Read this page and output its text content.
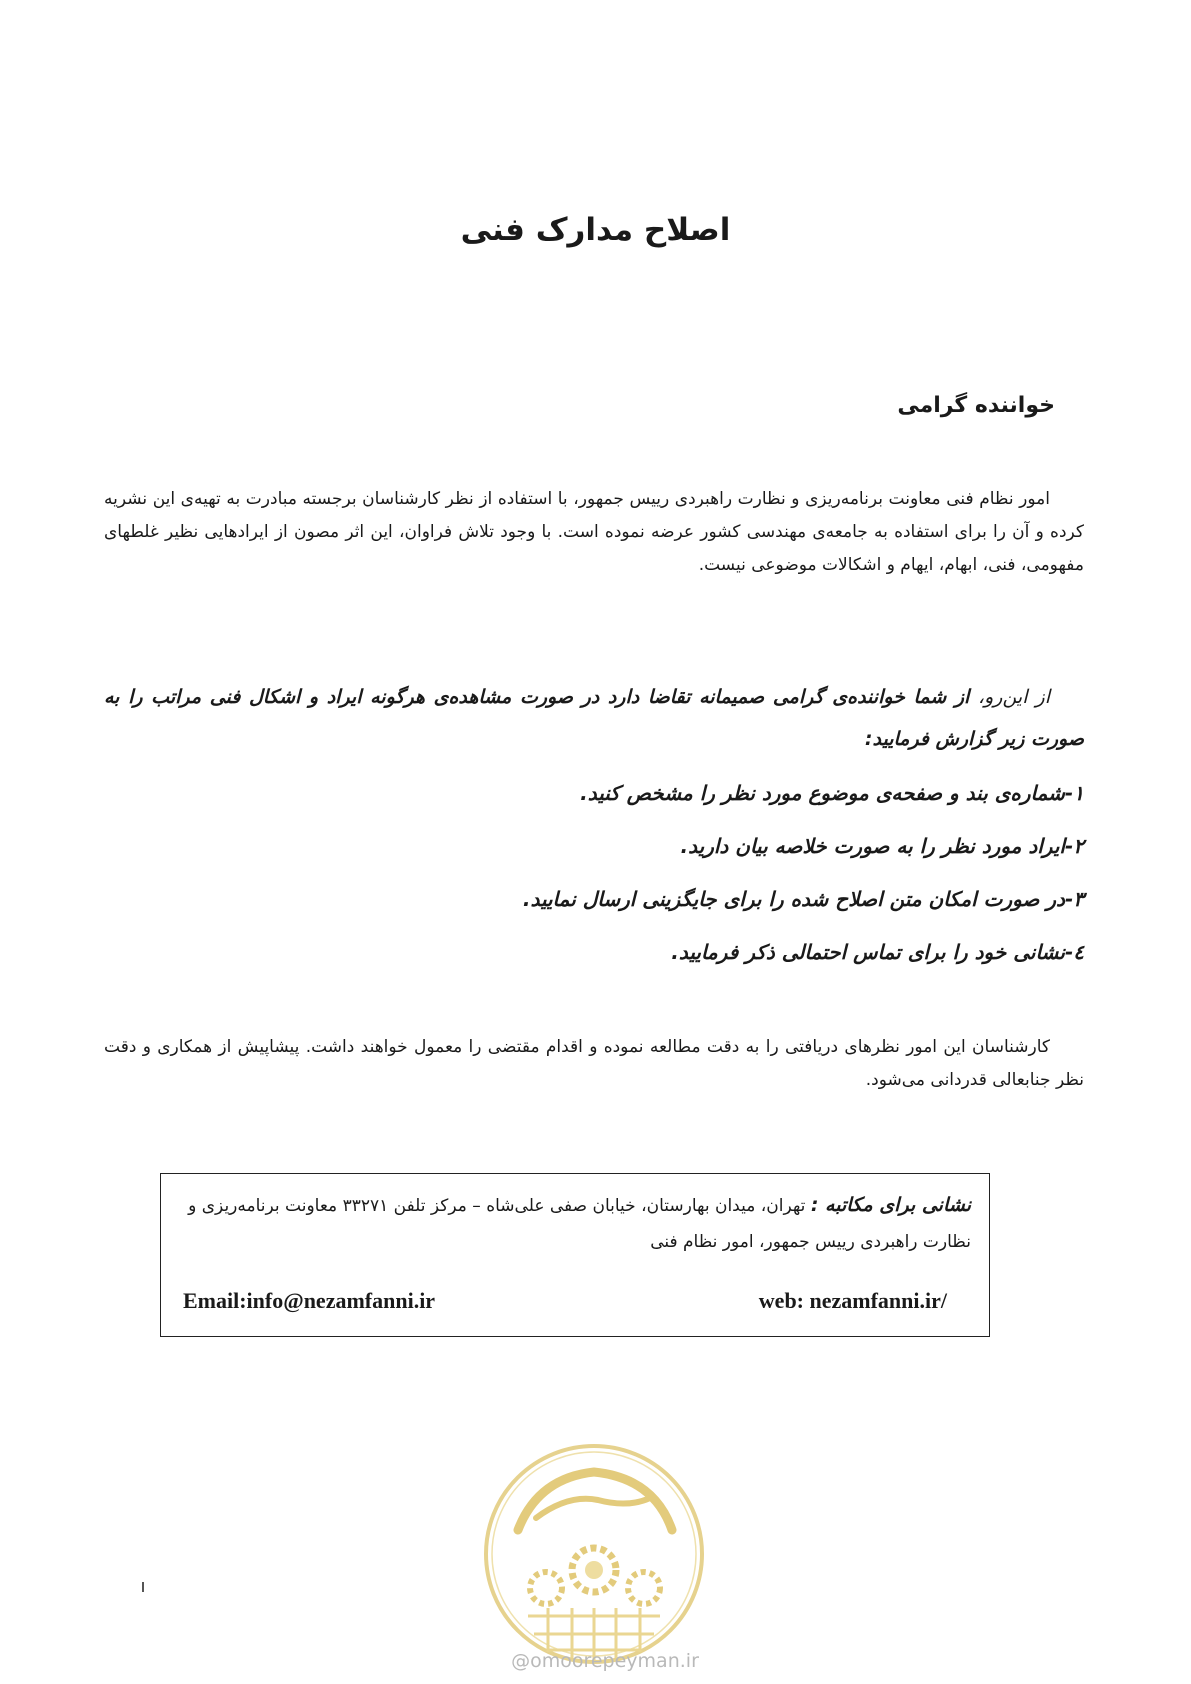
اصلاح مدارک فنی
خواننده گرامی

امور نظام فنی معاونت برنامه‌ریزی و نظارت راهبردی رییس جمهور، با استفاده از نظر کارشناسان برجسته مبادرت به تهیه‌ی این نشریه کرده و آن را برای استفاده به جامعه‌ی مهندسی کشور عرضه نموده است. با وجود تلاش فراوان، این اثر مصون از ایرادهایی نظیر غلطهای مفهومی، فنی، ابهام، ایهام و اشکالات موضوعی نیست.

از این‌رو، از شما خواننده‌ی گرامی صمیمانه تقاضا دارد در صورت مشاهده‌ی هرگونه ایراد و اشکال فنی مراتب را به صورت زیر گزارش فرمایید:

۱-شماره‌ی بند و صفحه‌ی موضوع مورد نظر را مشخص کنید.
۲-ایراد مورد نظر را به صورت خلاصه بیان دارید.
۳-در صورت امکان متن اصلاح شده را برای جایگزینی ارسال نمایید.
٤-نشانی خود را برای تماس احتمالی ذکر فرمایید.

کارشناسان این امور نظرهای دریافتی را به دقت مطالعه نموده و اقدام مقتضی را معمول خواهند داشت. پیشاپیش از همکاری و دقت نظر جنابعالی قدردانی می‌شود.

نشانی برای مکاتبه : تهران، میدان بهارستان، خیابان صفی علی‌شاه – مرکز تلفن ۳۳۲۷۱ معاونت برنامه‌ریزی و نظارت راهبردی رییس جمهور، امور نظام فنی
Email:info@nezamfanni.ir	web: nezamfanni.ir/
@omoorepeyman.ir
